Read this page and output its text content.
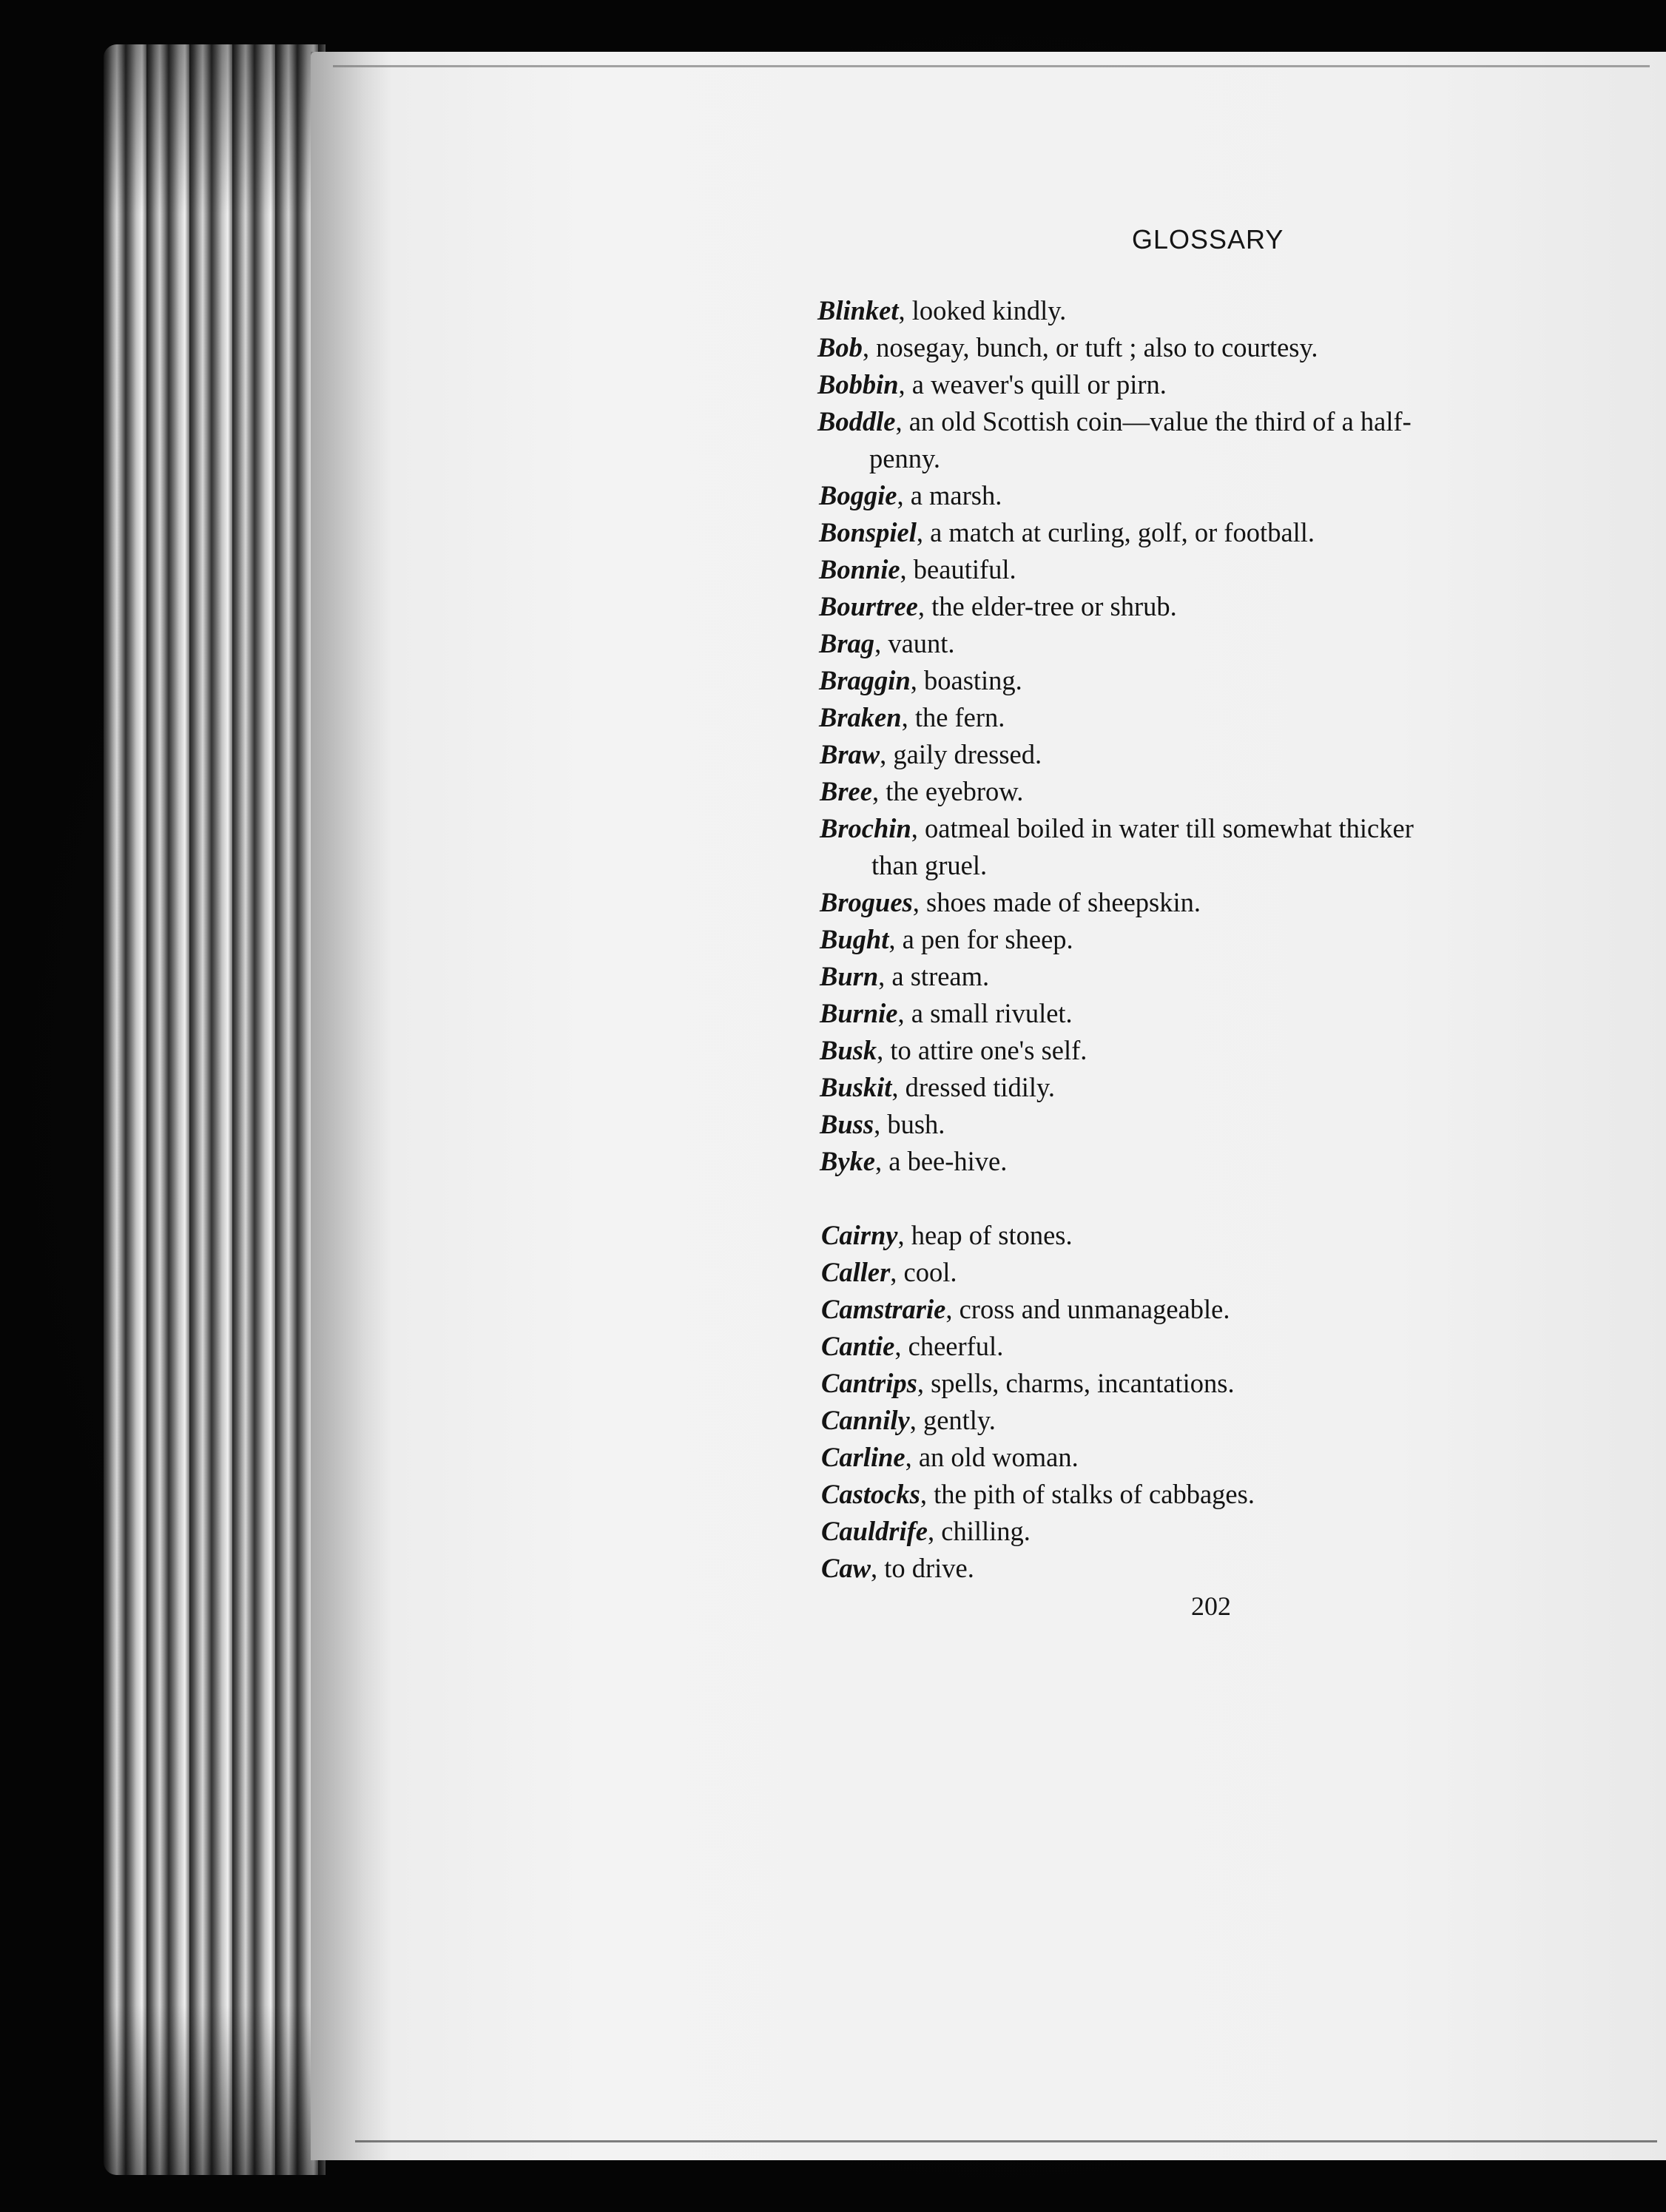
GLOSSARY
Blinket, looked kindly.
Bob, nosegay, bunch, or tuft ; also to courtesy.
Bobbin, a weaver's quill or pirn.
Boddle, an old Scottish coin—value the third of a half-
penny.
Boggie, a marsh.
Bonspiel, a match at curling, golf, or football.
Bonnie, beautiful.
Bourtree, the elder-tree or shrub.
Brag, vaunt.
Braggin, boasting.
Braken, the fern.
Braw, gaily dressed.
Bree, the eyebrow.
Brochin, oatmeal boiled in water till somewhat thicker
than gruel.
Brogues, shoes made of sheepskin.
Bught, a pen for sheep.
Burn, a stream.
Burnie, a small rivulet.
Busk, to attire one's self.
Buskit, dressed tidily.
Buss, bush.
Byke, a bee-hive.
Cairny, heap of stones.
Caller, cool.
Camstrarie, cross and unmanageable.
Cantie, cheerful.
Cantrips, spells, charms, incantations.
Cannily, gently.
Carline, an old woman.
Castocks, the pith of stalks of cabbages.
Cauldrife, chilling.
Caw, to drive.
202
